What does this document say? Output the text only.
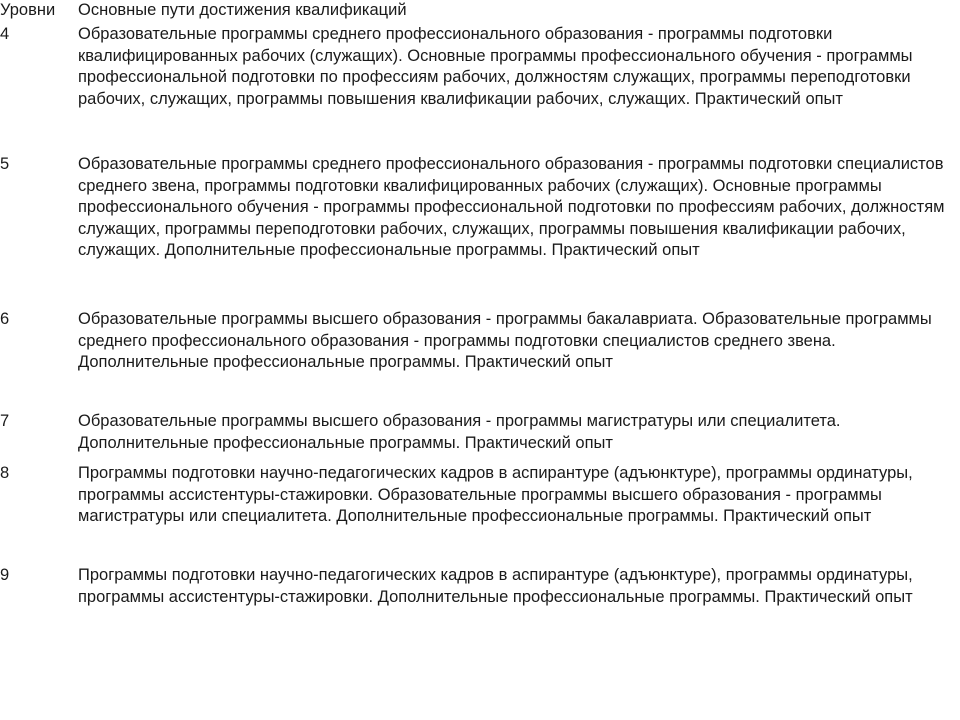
Уровни	Основные пути достижения квалификаций
4	Образовательные программы среднего профессионального образования - программы подготовки квалифицированных рабочих (служащих). Основные программы профессионального обучения - программы профессиональной подготовки по профессиям рабочих, должностям служащих, программы переподготовки рабочих, служащих, программы повышения квалификации рабочих, служащих. Практический опыт
5	Образовательные программы среднего профессионального образования - программы подготовки специалистов среднего звена, программы подготовки квалифицированных рабочих (служащих). Основные программы профессионального обучения - программы профессиональной подготовки по профессиям рабочих, должностям служащих, программы переподготовки рабочих, служащих, программы повышения квалификации рабочих, служащих. Дополнительные профессиональные программы. Практический опыт
6	Образовательные программы высшего образования - программы бакалавриата. Образовательные программы среднего профессионального образования - программы подготовки специалистов среднего звена. Дополнительные профессиональные программы. Практический опыт
7	Образовательные программы высшего образования - программы магистратуры или специалитета. Дополнительные профессиональные программы. Практический опыт
8	Программы подготовки научно-педагогических кадров в аспирантуре (адъюнктуре), программы ординатуры, программы ассистентуры-стажировки. Образовательные программы высшего образования - программы магистратуры или специалитета. Дополнительные профессиональные программы. Практический опыт
9	Программы подготовки научно-педагогических кадров в аспирантуре (адъюнктуре), программы ординатуры, программы ассистентуры-стажировки. Дополнительные профессиональные программы. Практический опыт
